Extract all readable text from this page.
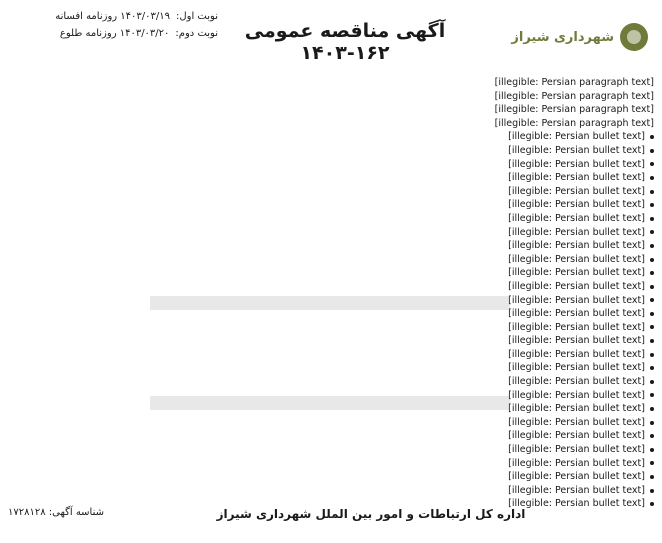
شهرداری شیراز
آگهی مناقصه عمومی ۱۶۲-۱۴۰۳
نوبت اول:
۱۴۰۳/۰۳/۱۹ روزنامه افسانه
نوبت دوم:
۱۴۰۳/۰۳/۲۰ روزنامه طلوع
[illegible: Persian paragraph text]
[illegible: Persian paragraph text]
[illegible: Persian paragraph text]
[illegible: Persian paragraph text]
[illegible: Persian bullet text]
[illegible: Persian bullet text]
[illegible: Persian bullet text]
[illegible: Persian bullet text]
[illegible: Persian bullet text]
[illegible: Persian bullet text]
[illegible: Persian bullet text]
[illegible: Persian bullet text]
[illegible: Persian bullet text]
[illegible: Persian bullet text]
[illegible: Persian bullet text]
[illegible: Persian bullet text]
[illegible: Persian bullet text]
[illegible: Persian bullet text]
[illegible: Persian bullet text]
[illegible: Persian bullet text]
[illegible: Persian bullet text]
[illegible: Persian bullet text]
[illegible: Persian bullet text]
[illegible: Persian bullet text]
[illegible: Persian bullet text]
[illegible: Persian bullet text]
[illegible: Persian bullet text]
[illegible: Persian bullet text]
[illegible: Persian bullet text]
[illegible: Persian bullet text]
[illegible: Persian bullet text]
[illegible: Persian bullet text]
اداره کل ارتباطات و امور بین الملل شهرداری شیراز
شناسه آگهی: ۱۷۲۸۱۲۸
